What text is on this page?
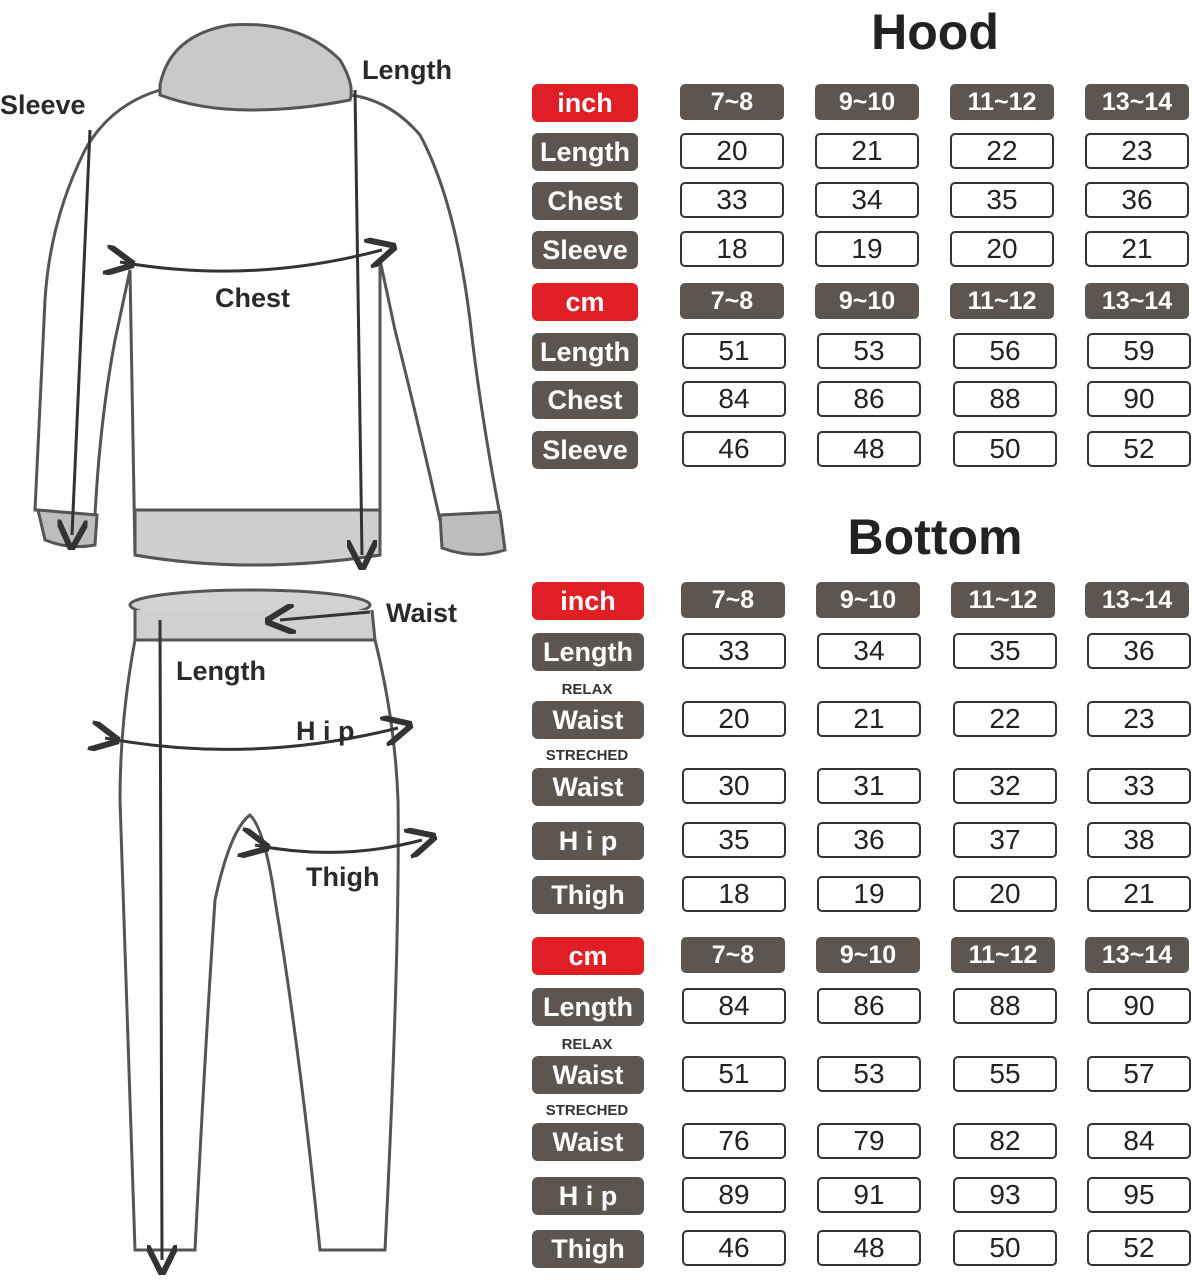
Sleeve
Length
Chest
Waist
Length
H i p
Thigh
Hood
Bottom
inch	7~8	9~10	11~12	13~14
Length	20	21	22	23
Chest	33	34	35	36
Sleeve	18	19	20	21
cm	7~8	9~10	11~12	13~14
Length	51	53	56	59
Chest	84	86	88	90
Sleeve	46	48	50	52
inch	7~8	9~10	11~12	13~14
Length	33	34	35	36
RELAX
Waist	20	21	22	23
STRECHED
Waist	30	31	32	33
H i p	35	36	37	38
Thigh	18	19	20	21
cm	7~8	9~10	11~12	13~14
Length	84	86	88	90
RELAX
Waist	51	53	55	57
STRECHED
Waist	76	79	82	84
H i p	89	91	93	95
Thigh	46	48	50	52
